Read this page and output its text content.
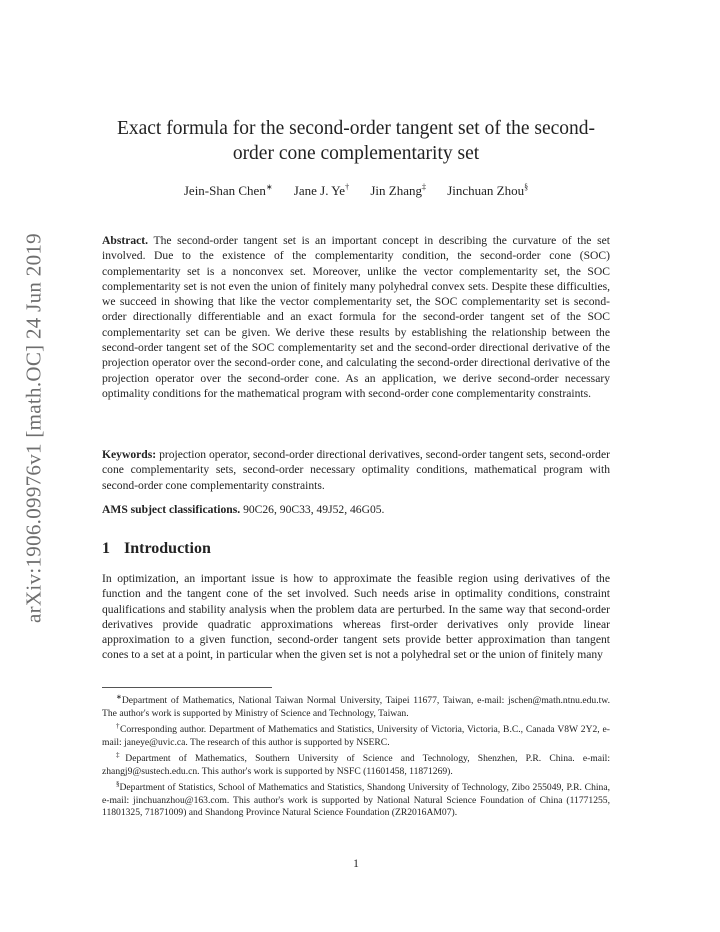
arXiv:1906.09976v1 [math.OC] 24 Jun 2019
Exact formula for the second-order tangent set of the second-order cone complementarity set
Jein-Shan Chen∗ Jane J. Ye† Jin Zhang‡ Jinchuan Zhou§
Abstract. The second-order tangent set is an important concept in describing the curvature of the set involved. Due to the existence of the complementarity condition, the second-order cone (SOC) complementarity set is a nonconvex set. Moreover, unlike the vector complementarity set, the SOC complementarity set is not even the union of finitely many polyhedral convex sets. Despite these difficulties, we succeed in showing that like the vector complementarity set, the SOC complementarity set is second-order directionally differentiable and an exact formula for the second-order tangent set of the SOC complementarity set can be given. We derive these results by establishing the relationship between the second-order tangent set of the SOC complementarity set and the second-order directional derivative of the projection operator over the second-order cone, and calculating the second-order directional derivative of the projection operator over the second-order cone. As an application, we derive second-order necessary optimality conditions for the mathematical program with second-order cone complementarity constraints.
Keywords: projection operator, second-order directional derivatives, second-order tangent sets, second-order cone complementarity sets, second-order necessary optimality conditions, mathematical program with second-order cone complementarity constraints.
AMS subject classifications. 90C26, 90C33, 49J52, 46G05.
1 Introduction
In optimization, an important issue is how to approximate the feasible region using derivatives of the function and the tangent cone of the set involved. Such needs arise in optimality conditions, constraint qualifications and stability analysis when the problem data are perturbed. In the same way that second-order derivatives provide quadratic approximations whereas first-order derivatives only provide linear approximation to a given function, second-order tangent sets provide better approximation than tangent cones to a set at a point, in particular when the given set is not a polyhedral set or the union of finitely many

∗Department of Mathematics, National Taiwan Normal University, Taipei 11677, Taiwan, e-mail: jschen@math.ntnu.edu.tw. The author's work is supported by Ministry of Science and Technology, Taiwan.

†Corresponding author. Department of Mathematics and Statistics, University of Victoria, Victoria, B.C., Canada V8W 2Y2, e-mail: janeye@uvic.ca. The research of this author is supported by NSERC.

‡Department of Mathematics, Southern University of Science and Technology, Shenzhen, P.R. China. e-mail: zhangj9@sustech.edu.cn. This author's work is supported by NSFC (11601458, 11871269).

§Department of Statistics, School of Mathematics and Statistics, Shandong University of Technology, Zibo 255049, P.R. China, e-mail: jinchuanzhou@163.com. This author's work is supported by National Natural Science Foundation of China (11771255, 11801325, 71871009) and Shandong Province Natural Science Foundation (ZR2016AM07).

1
